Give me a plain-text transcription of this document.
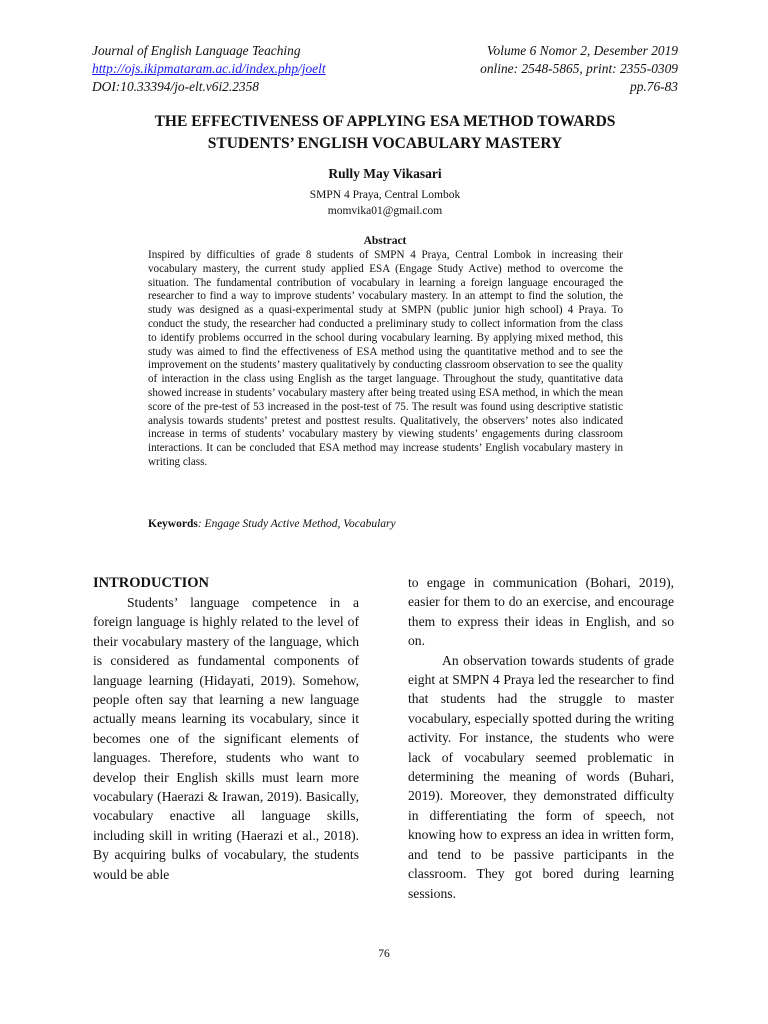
Journal of English Language Teaching	Volume 6 Nomor 2, Desember 2019
http://ojs.ikipmataram.ac.id/index.php/joelt	online: 2548-5865, print: 2355-0309
DOI:10.33394/jo-elt.v6i2.2358	pp.76-83
THE EFFECTIVENESS OF APPLYING ESA METHOD TOWARDS
STUDENTS’ ENGLISH VOCABULARY MASTERY
Rully May Vikasari
SMPN 4 Praya, Central Lombok
momvika01@gmail.com
Abstract

Inspired by difficulties of grade 8 students of SMPN 4 Praya, Central Lombok in increasing their vocabulary mastery, the current study applied ESA (Engage Study Active) method to overcome the situation. The fundamental contribution of vocabulary in learning a foreign language encouraged the researcher to find a way to improve students’ vocabulary mastery. In an attempt to find the solution, the study was designed as a quasi-experimental study at SMPN (public junior high school) 4 Praya. To conduct the study, the researcher had conducted a preliminary study to collect information from the class to identify problems occurred in the school during vocabulary learning. By applying mixed method, this study was aimed to find the effectiveness of ESA method using the quantitative method and to see the improvement on the students’ mastery qualitatively by conducting classroom observation to see the quality of interaction in the class using English as the target language. Throughout the study, quantitative data showed increase in students’ vocabulary mastery after being treated using ESA method, in which the mean score of the pre-test of 53 increased in the post-test of 75. The result was found using descriptive statistic analysis towards students’ pretest and posttest results. Qualitatively, the observers’ notes also indicated increase in terms of students’ vocabulary mastery by viewing students’ engagements during classroom interactions. It can be concluded that ESA method may increase students’ English vocabulary mastery in writing class.

Keywords: Engage Study Active Method, Vocabulary
INTRODUCTION

Students’ language competence in a foreign language is highly related to the level of their vocabulary mastery of the language, which is considered as fundamental components of language learning (Hidayati, 2019). Somehow, people often say that learning a new language actually means learning its vocabulary, since it becomes one of the significant elements of languages. Therefore, students who want to develop their English skills must learn more vocabulary (Haerazi & Irawan, 2019). Basically, vocabulary enactive all language skills, including skill in writing (Haerazi et al., 2018). By acquiring bulks of vocabulary, the students would be able

to engage in communication (Bohari, 2019), easier for them to do an exercise, and encourage them to express their ideas in English, and so on.

An observation towards students of grade eight at SMPN 4 Praya led the researcher to find that students had the struggle to master vocabulary, especially spotted during the writing activity. For instance, the students who were lack of vocabulary seemed problematic in determining the meaning of words (Buhari, 2019). Moreover, they demonstrated difficulty in differentiating the form of speech, not knowing how to express an idea in written form, and tend to be passive participants in the classroom. They got bored during learning sessions.

76
